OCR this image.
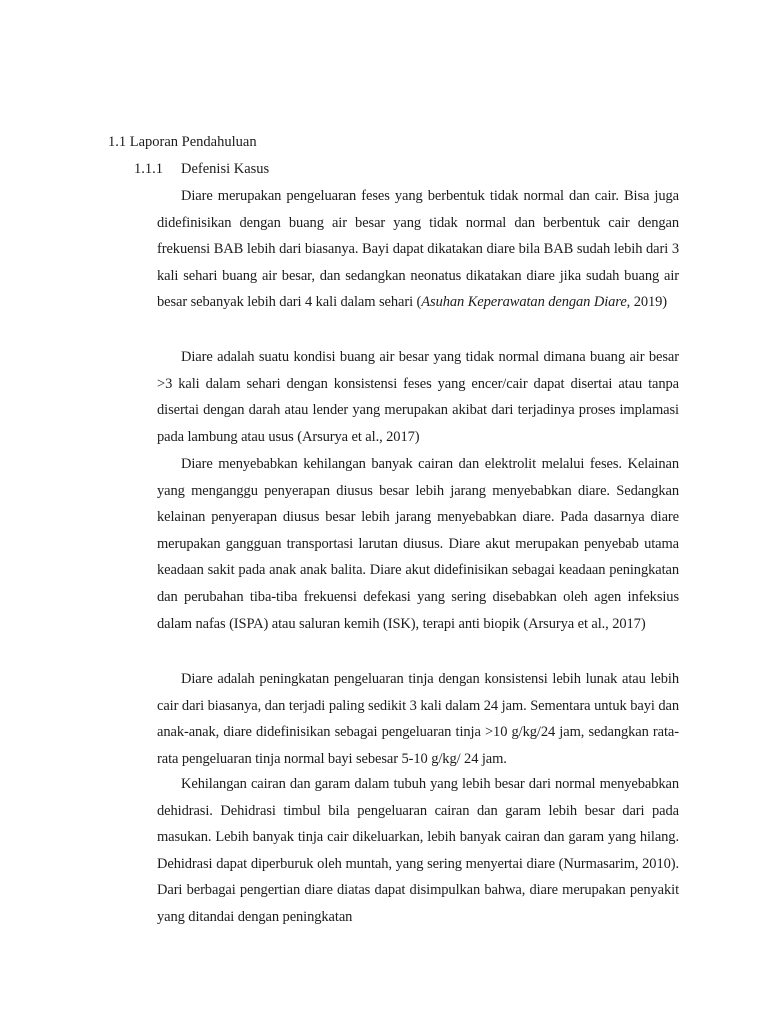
1.1 Laporan Pendahuluan
1.1.1 Defenisi Kasus

Diare merupakan pengeluaran feses yang berbentuk tidak normal dan cair. Bisa juga didefinisikan dengan buang air besar yang tidak normal dan berbentuk cair dengan frekuensi BAB lebih dari biasanya. Bayi dapat dikatakan diare bila BAB sudah lebih dari 3 kali sehari buang air besar, dan sedangkan neonatus dikatakan diare jika sudah buang air besar sebanyak lebih dari 4 kali dalam sehari (Asuhan Keperawatan dengan Diare, 2019)

Diare adalah suatu kondisi buang air besar yang tidak normal dimana buang air besar >3 kali dalam sehari dengan konsistensi feses yang encer/cair dapat disertai atau tanpa disertai dengan darah atau lender yang merupakan akibat dari terjadinya proses implamasi pada lambung atau usus (Arsurya et al., 2017)

Diare menyebabkan kehilangan banyak cairan dan elektrolit melalui feses. Kelainan yang menganggu penyerapan diusus besar lebih jarang menyebabkan diare. Sedangkan kelainan penyerapan diusus besar lebih jarang menyebabkan diare. Pada dasarnya diare merupakan gangguan transportasi larutan diusus. Diare akut merupakan penyebab utama keadaan sakit pada anak anak balita. Diare akut didefinisikan sebagai keadaan peningkatan dan perubahan tiba-tiba frekuensi defekasi yang sering disebabkan oleh agen infeksius dalam nafas (ISPA) atau saluran kemih (ISK), terapi anti biopik (Arsurya et al., 2017)

Diare adalah peningkatan pengeluaran tinja dengan konsistensi lebih lunak atau lebih cair dari biasanya, dan terjadi paling sedikit 3 kali dalam 24 jam. Sementara untuk bayi dan anak-anak, diare didefinisikan sebagai pengeluaran tinja >10 g/kg/24 jam, sedangkan rata-rata pengeluaran tinja normal bayi sebesar 5-10 g/kg/ 24 jam.

Kehilangan cairan dan garam dalam tubuh yang lebih besar dari normal menyebabkan dehidrasi. Dehidrasi timbul bila pengeluaran cairan dan garam lebih besar dari pada masukan. Lebih banyak tinja cair dikeluarkan, lebih banyak cairan dan garam yang hilang. Dehidrasi dapat diperburuk oleh muntah, yang sering menyertai diare (Nurmasarim, 2010). Dari berbagai pengertian diare diatas dapat disimpulkan bahwa, diare merupakan penyakit yang ditandai dengan peningkatan
